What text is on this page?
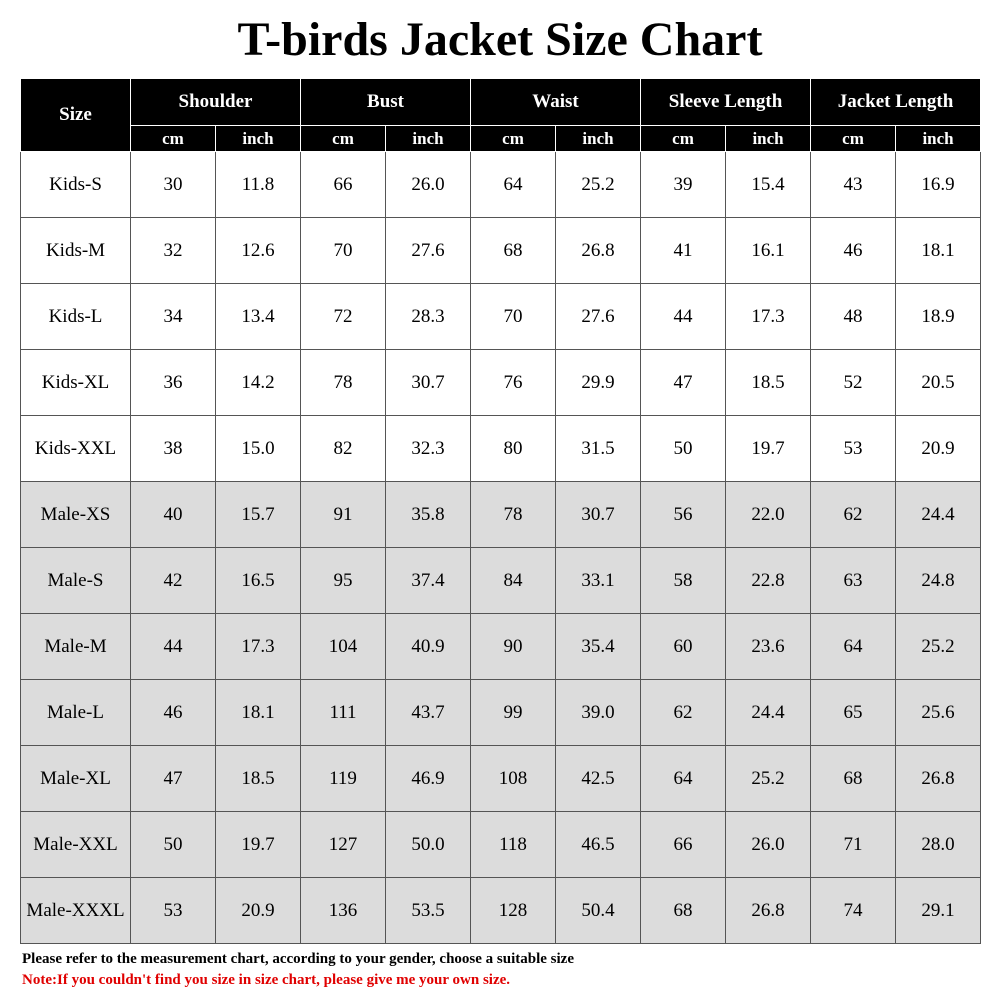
T-birds Jacket Size Chart
Size	Shoulder		Bust		Waist		Sleeve Length		Jacket Length	
	cm	inch	cm	inch	cm	inch	cm	inch	cm	inch
Kids-S	30	11.8	66	26.0	64	25.2	39	15.4	43	16.9
Kids-M	32	12.6	70	27.6	68	26.8	41	16.1	46	18.1
Kids-L	34	13.4	72	28.3	70	27.6	44	17.3	48	18.9
Kids-XL	36	14.2	78	30.7	76	29.9	47	18.5	52	20.5
Kids-XXL	38	15.0	82	32.3	80	31.5	50	19.7	53	20.9
Male-XS	40	15.7	91	35.8	78	30.7	56	22.0	62	24.4
Male-S	42	16.5	95	37.4	84	33.1	58	22.8	63	24.8
Male-M	44	17.3	104	40.9	90	35.4	60	23.6	64	25.2
Male-L	46	18.1	111	43.7	99	39.0	62	24.4	65	25.6
Male-XL	47	18.5	119	46.9	108	42.5	64	25.2	68	26.8
Male-XXL	50	19.7	127	50.0	118	46.5	66	26.0	71	28.0
Male-XXXL	53	20.9	136	53.5	128	50.4	68	26.8	74	29.1
Please refer to the measurement chart, according to your gender, choose a suitable size
Note:If you couldn't find you size in size chart, please give me your own size.
